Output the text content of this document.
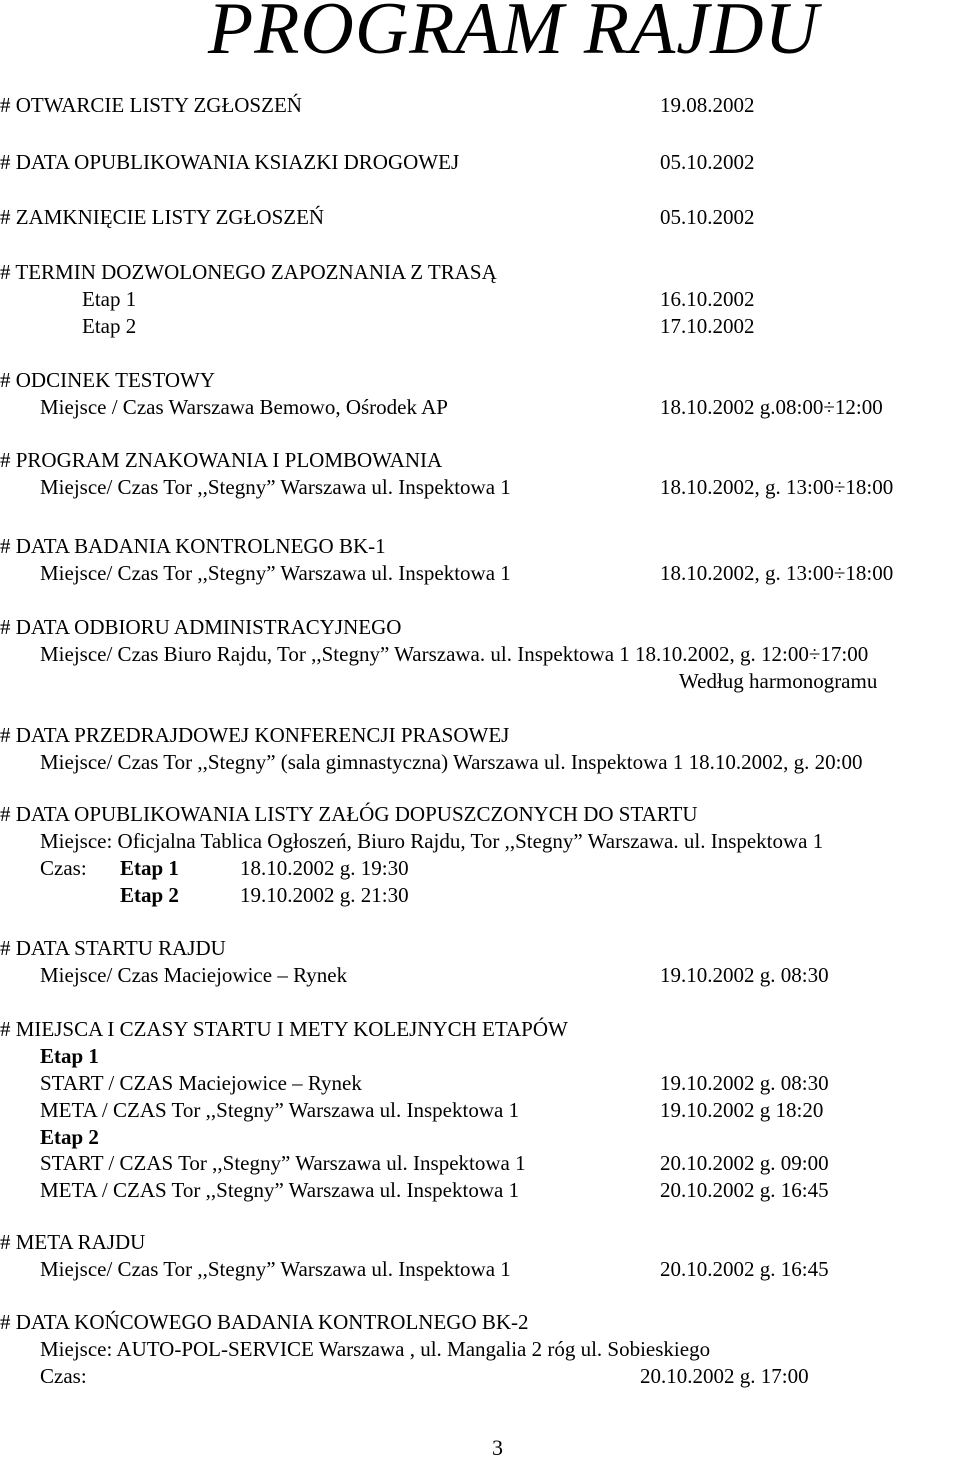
PROGRAM RAJDU
# OTWARCIE LISTY ZGŁOSZEŃ	19.08.2002
# DATA OPUBLIKOWANIA KSIAZKI DROGOWEJ	05.10.2002
# ZAMKNIĘCIE LISTY ZGŁOSZEŃ	05.10.2002
# TERMIN DOZWOLONEGO ZAPOZNANIA Z TRASĄ
Etap 1	16.10.2002
Etap 2	17.10.2002
# ODCINEK TESTOWY
Miejsce / Czas Warszawa Bemowo, Ośrodek AP	18.10.2002 g.08:00÷12:00
# PROGRAM ZNAKOWANIA I PLOMBOWANIA
Miejsce/ Czas Tor ,,Stegny” Warszawa ul. Inspektowa 1	18.10.2002, g. 13:00÷18:00
# DATA BADANIA KONTROLNEGO BK-1
Miejsce/ Czas Tor ,,Stegny” Warszawa ul. Inspektowa 1	18.10.2002, g. 13:00÷18:00
# DATA ODBIORU ADMINISTRACYJNEGO
Miejsce/ Czas Biuro Rajdu, Tor ,,Stegny” Warszawa. ul. Inspektowa 1 18.10.2002, g. 12:00÷17:00
Według harmonogramu
# DATA PRZEDRAJDOWEJ KONFERENCJI PRASOWEJ
Miejsce/ Czas Tor ,,Stegny” (sala gimnastyczna) Warszawa ul. Inspektowa 1 18.10.2002, g. 20:00
# DATA OPUBLIKOWANIA LISTY ZAŁÓG DOPUSZCZONYCH DO STARTU
Miejsce: Oficjalna Tablica Ogłoszeń, Biuro Rajdu, Tor ,,Stegny” Warszawa. ul. Inspektowa 1
Czas: Etap 1	18.10.2002 g. 19:30
Etap 2	19.10.2002 g. 21:30
# DATA STARTU RAJDU
Miejsce/ Czas Maciejowice – Rynek	19.10.2002 g. 08:30
# MIEJSCA I CZASY STARTU I METY KOLEJNYCH ETAPÓW
Etap 1
START / CZAS Maciejowice – Rynek	19.10.2002 g. 08:30
META / CZAS Tor ,,Stegny” Warszawa ul. Inspektowa 1	19.10.2002 g 18:20
Etap 2
START / CZAS Tor ,,Stegny” Warszawa ul. Inspektowa 1	20.10.2002 g. 09:00
META / CZAS Tor ,,Stegny” Warszawa ul. Inspektowa 1	20.10.2002 g. 16:45
# META RAJDU
Miejsce/ Czas Tor ,,Stegny” Warszawa ul. Inspektowa 1	20.10.2002 g. 16:45
# DATA KOŃCOWEGO BADANIA KONTROLNEGO BK-2
Miejsce: AUTO-POL-SERVICE Warszawa , ul. Mangalia 2 róg ul. Sobieskiego
Czas:	20.10.2002 g. 17:00
3
